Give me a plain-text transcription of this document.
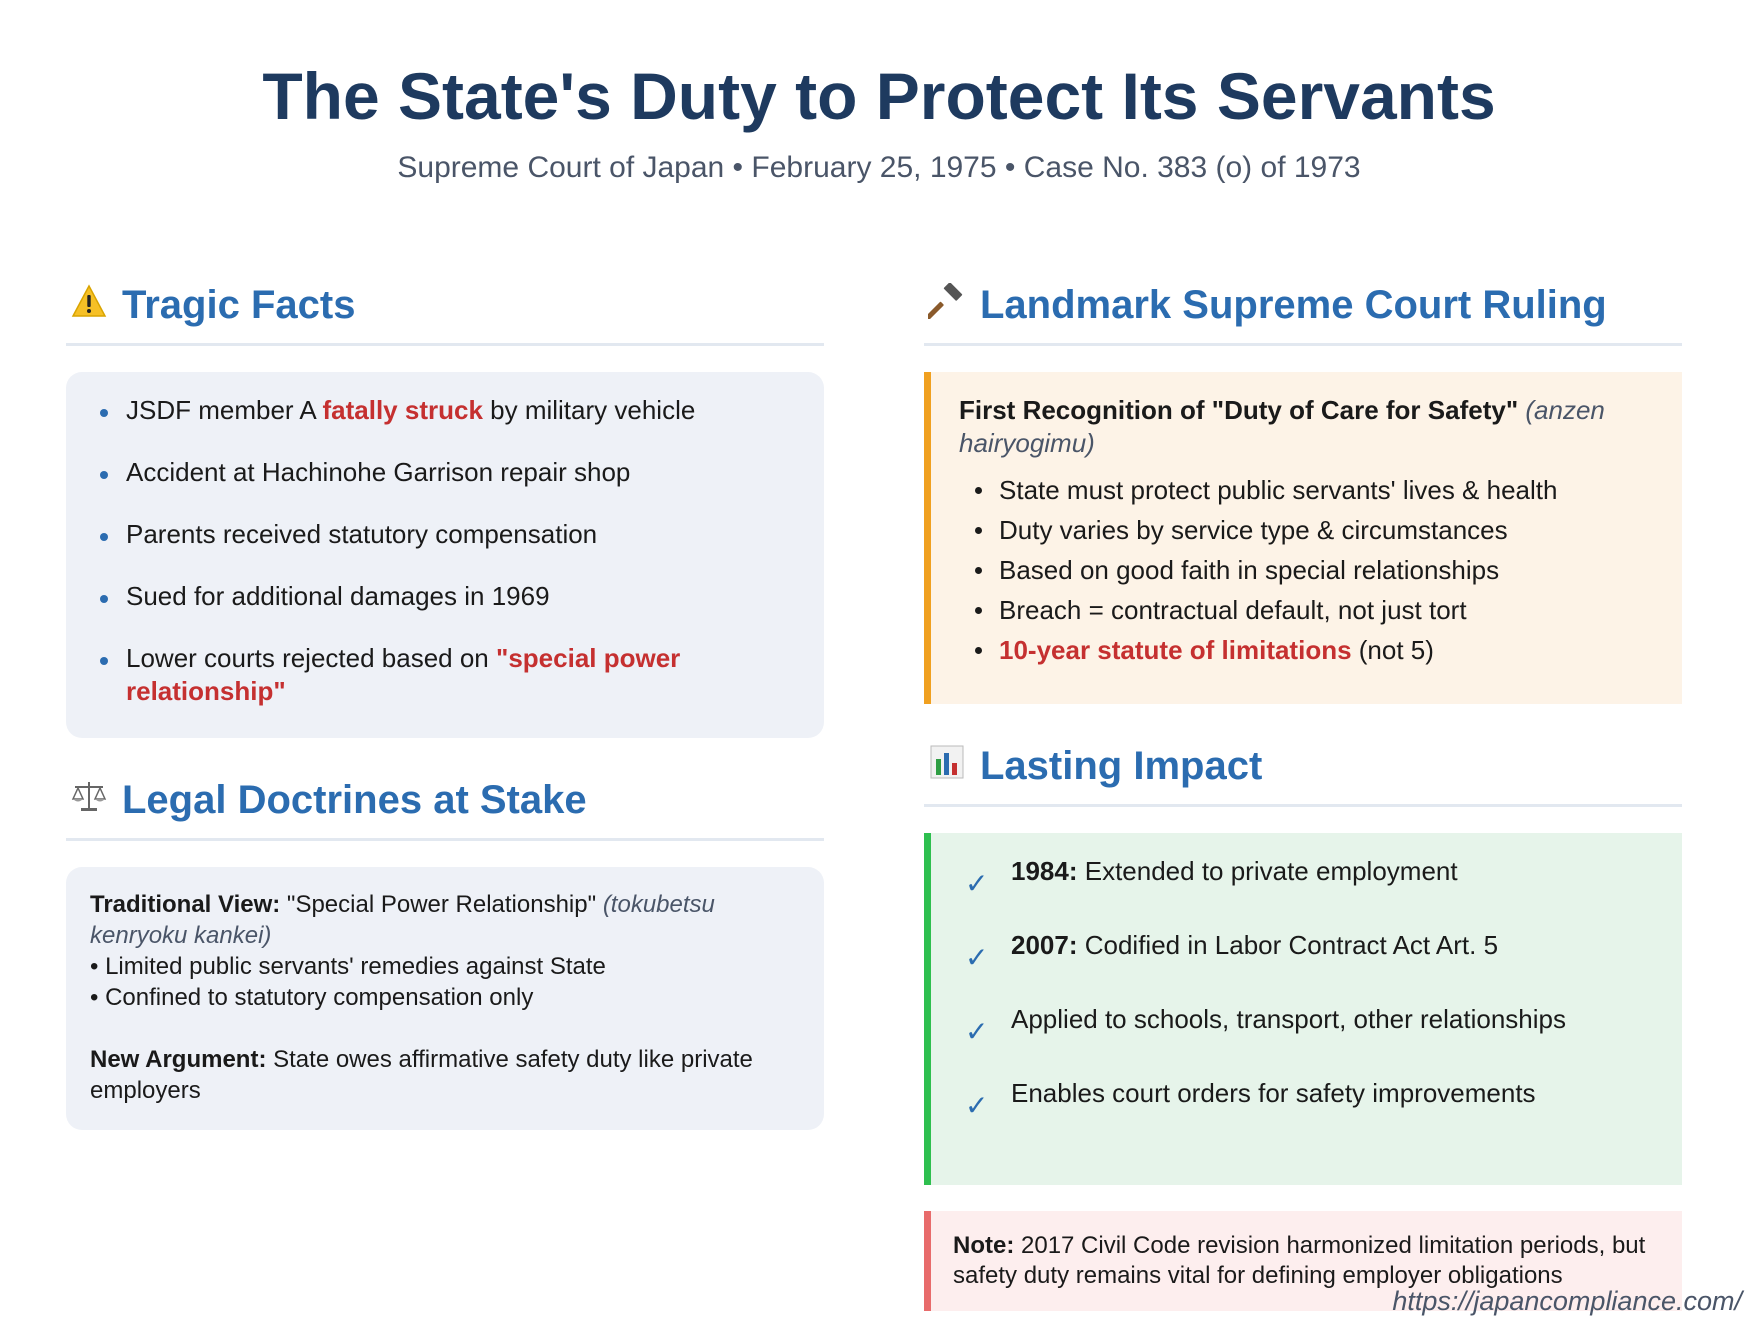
The State's Duty to Protect Its Servants
Supreme Court of Japan • February 25, 1975 • Case No. 383 (o) of 1973
Tragic Facts
JSDF member A fatally struck by military vehicle
Accident at Hachinohe Garrison repair shop
Parents received statutory compensation
Sued for additional damages in 1969
Lower courts rejected based on "special power relationship"
Legal Doctrines at Stake
Traditional View: "Special Power Relationship" (tokubetsu kenryoku kankei)
• Limited public servants' remedies against State
• Confined to statutory compensation only
New Argument: State owes affirmative safety duty like private employers
Landmark Supreme Court Ruling
First Recognition of "Duty of Care for Safety" (anzen hairyogimu)
State must protect public servants' lives & health
Duty varies by service type & circumstances
Based on good faith in special relationships
Breach = contractual default, not just tort
10-year statute of limitations (not 5)
Lasting Impact
✓ 1984: Extended to private employment
✓ 2007: Codified in Labor Contract Act Art. 5
✓ Applied to schools, transport, other relationships
✓ Enables court orders for safety improvements
Note: 2017 Civil Code revision harmonized limitation periods, but safety duty remains vital for defining employer obligations
https://japancompliance.com/
